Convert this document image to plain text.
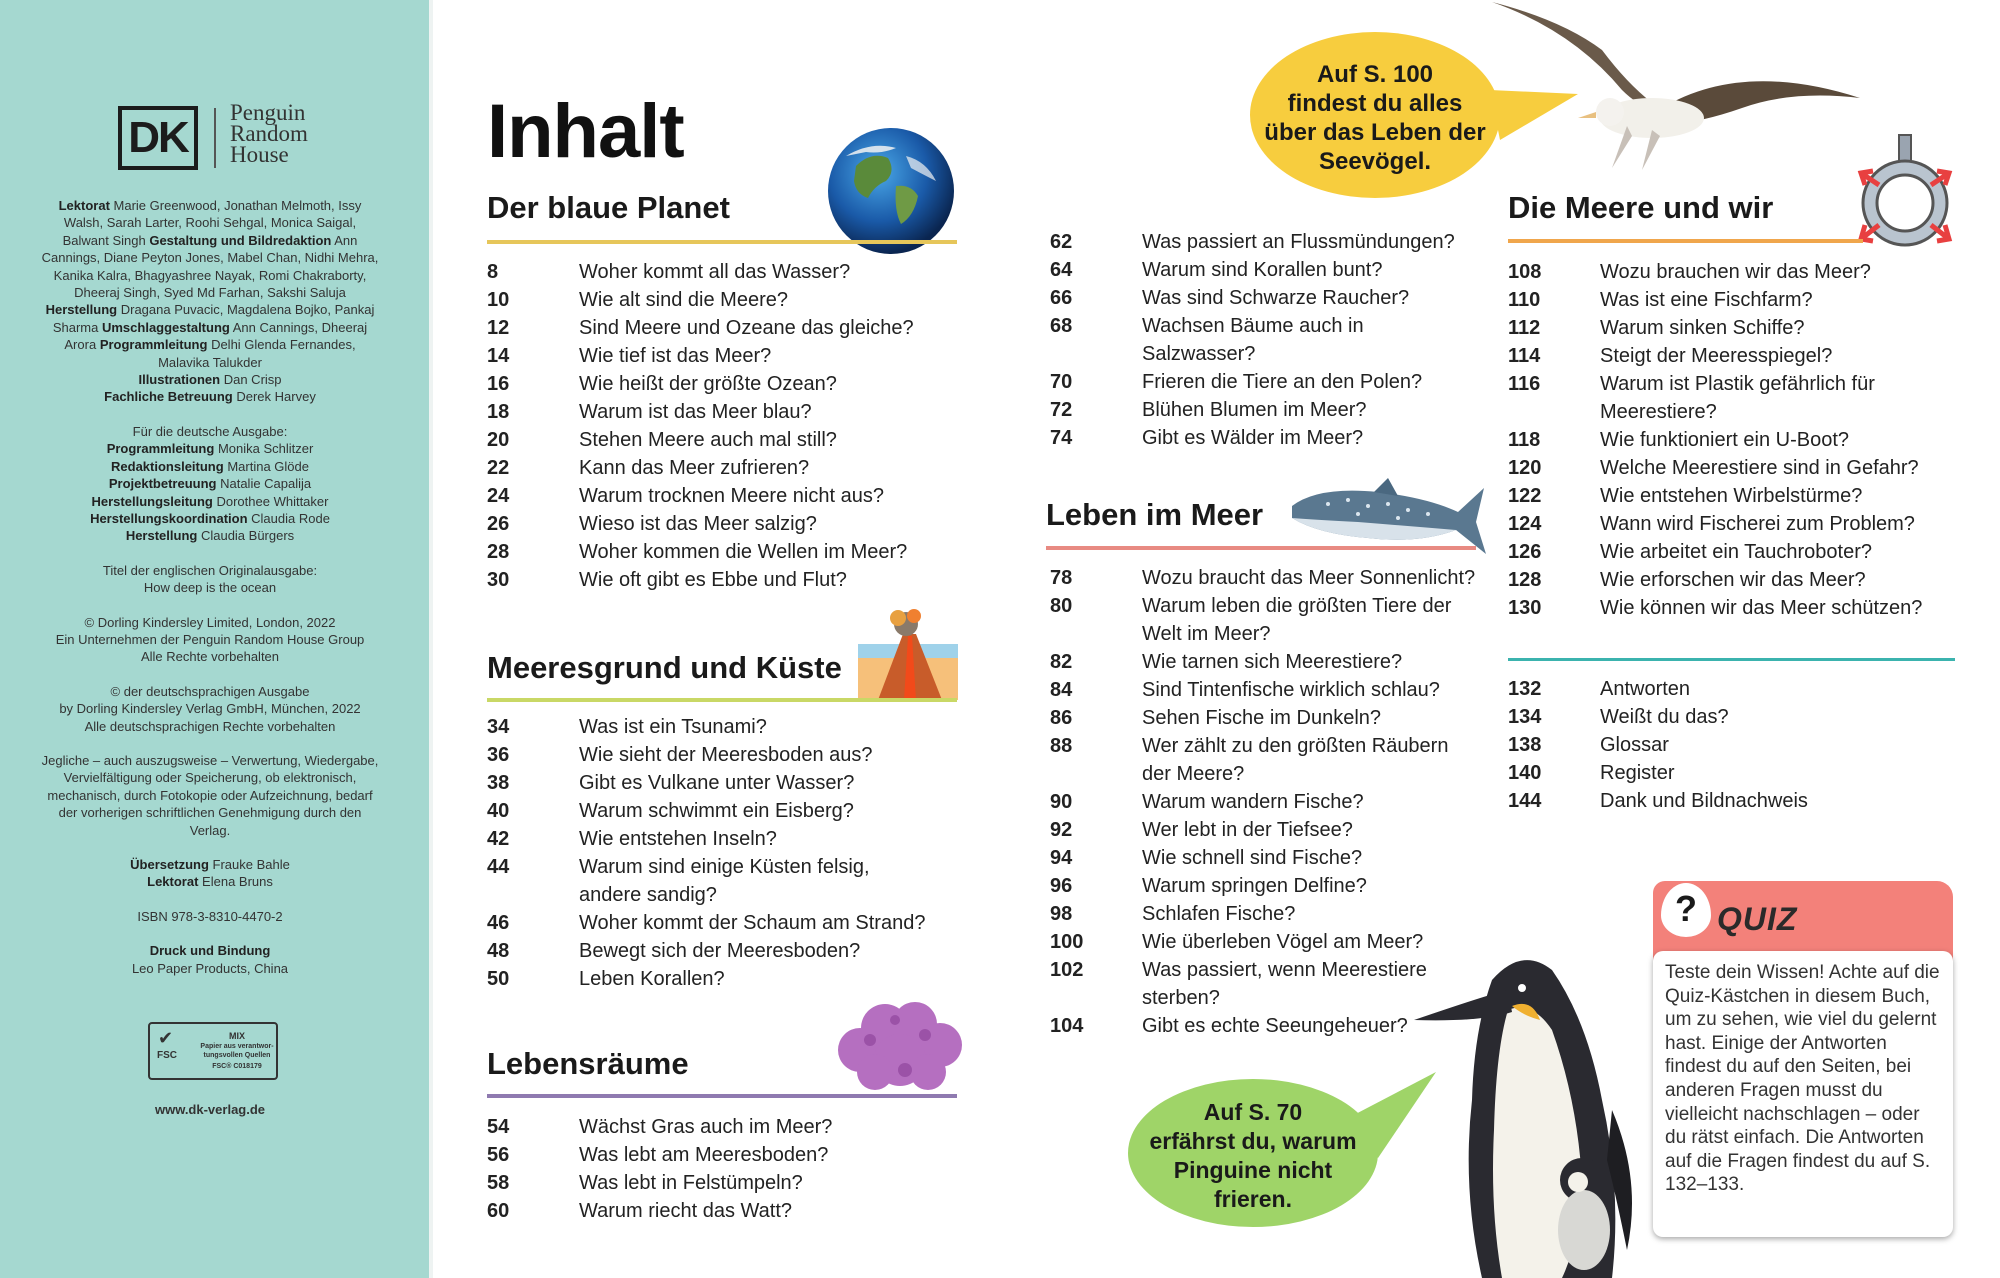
DK
Penguin
Random
House
Lektorat Marie Greenwood, Jonathan Melmoth, Issy Walsh, Sarah Larter, Roohi Sehgal, Monica Saigal, Balwant Singh Gestaltung und Bildredaktion Ann Cannings, Diane Peyton Jones, Mabel Chan, Nidhi Mehra, Kanika Kalra, Bhagyashree Nayak, Romi Chakraborty, Dheeraj Singh, Syed Md Farhan, Sakshi Saluja Herstellung Dragana Puvacic, Magdalena Bojko, Pankaj Sharma Umschlaggestaltung Ann Cannings, Dheeraj Arora Programmleitung Delhi Glenda Fernandes, Malavika Talukder
Illustrationen Dan Crisp
Fachliche Betreuung Derek Harvey
Für die deutsche Ausgabe:
Programmleitung Monika Schlitzer
Redaktionsleitung Martina Glöde
Projektbetreuung Natalie Capalija
Herstellungsleitung Dorothee Whittaker
Herstellungskoordination Claudia Rode
Herstellung Claudia Bürgers
Titel der englischen Originalausgabe:
How deep is the ocean
© Dorling Kindersley Limited, London, 2022
Ein Unternehmen der Penguin Random House Group
Alle Rechte vorbehalten
© der deutschsprachigen Ausgabe
by Dorling Kindersley Verlag GmbH, München, 2022
Alle deutschsprachigen Rechte vorbehalten
Jegliche – auch auszugsweise – Verwertung, Wiedergabe, Vervielfältigung oder Speicherung, ob elektronisch, mechanisch, durch Fotokopie oder Aufzeichnung, bedarf der vorherigen schriftlichen Genehmigung durch den Verlag.
Übersetzung Frauke Bahle
Lektorat Elena Bruns
ISBN 978-3-8310-4470-2
Druck und Bindung
Leo Paper Products, China
✔
FSC
MIX
Papier aus verantwor-tungsvollen Quellen
FSC® C018179
www.dk-verlag.de
Inhalt
Der blaue Planet
8	Woher kommt all das Wasser?
10	Wie alt sind die Meere?
12	Sind Meere und Ozeane das gleiche?
14	Wie tief ist das Meer?
16	Wie heißt der größte Ozean?
18	Warum ist das Meer blau?
20	Stehen Meere auch mal still?
22	Kann das Meer zufrieren?
24	Warum trocknen Meere nicht aus?
26	Wieso ist das Meer salzig?
28	Woher kommen die Wellen im Meer?
30	Wie oft gibt es Ebbe und Flut?
Meeresgrund und Küste
34	Was ist ein Tsunami?
36	Wie sieht der Meeresboden aus?
38	Gibt es Vulkane unter Wasser?
40	Warum schwimmt ein Eisberg?
42	Wie entstehen Inseln?
44	Warum sind einige Küsten felsig, andere sandig?
46	Woher kommt der Schaum am Strand?
48	Bewegt sich der Meeresboden?
50	Leben Korallen?
Lebensräume
54	Wächst Gras auch im Meer?
56	Was lebt am Meeresboden?
58	Was lebt in Felstümpeln?
60	Warum riecht das Watt?
62	Was passiert an Flussmündungen?
64	Warum sind Korallen bunt?
66	Was sind Schwarze Raucher?
68	Wachsen Bäume auch in Salzwasser?
70	Frieren die Tiere an den Polen?
72	Blühen Blumen im Meer?
74	Gibt es Wälder im Meer?
Leben im Meer
78	Wozu braucht das Meer Sonnenlicht?
80	Warum leben die größten Tiere der Welt im Meer?
82	Wie tarnen sich Meerestiere?
84	Sind Tintenfische wirklich schlau?
86	Sehen Fische im Dunkeln?
88	Wer zählt zu den größten Räubern der Meere?
90	Warum wandern Fische?
92	Wer lebt in der Tiefsee?
94	Wie schnell sind Fische?
96	Warum springen Delfine?
98	Schlafen Fische?
100	Wie überleben Vögel am Meer?
102	Was passiert, wenn Meerestiere sterben?
104	Gibt es echte Seeungeheuer?
Auf S. 100
findest du alles
über das Leben der
Seevögel.
Die Meere und wir
108	Wozu brauchen wir das Meer?
110	Was ist eine Fischfarm?
112	Warum sinken Schiffe?
114	Steigt der Meeresspiegel?
116	Warum ist Plastik gefährlich für Meerestiere?
118	Wie funktioniert ein U-Boot?
120	Welche Meerestiere sind in Gefahr?
122	Wie entstehen Wirbelstürme?
124	Wann wird Fischerei zum Problem?
126	Wie arbeitet ein Tauchroboter?
128	Wie erforschen wir das Meer?
130	Wie können wir das Meer schützen?
132	Antworten
134	Weißt du das?
138	Glossar
140	Register
144	Dank und Bildnachweis
Auf S. 70
erfährst du, warum
Pinguine nicht
frieren.
? QUIZ
Teste dein Wissen! Achte auf die Quiz-Kästchen in diesem Buch, um zu sehen, wie viel du gelernt hast. Einige der Antworten findest du auf den Seiten, bei anderen Fragen musst du vielleicht nachschlagen – oder du rätst einfach. Die Antworten auf die Fragen findest du auf S. 132–133.
